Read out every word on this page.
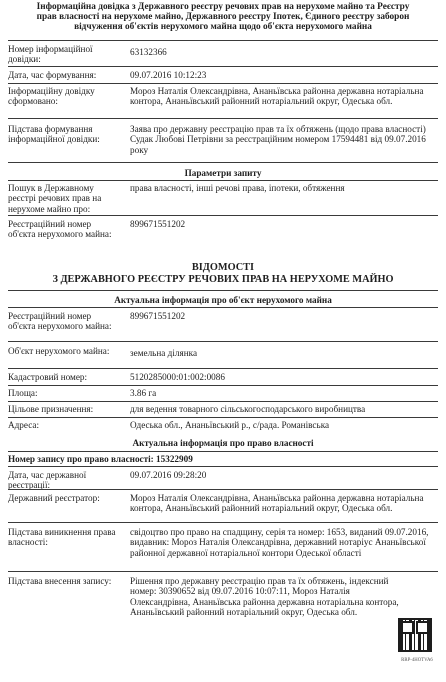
Інформаційна довідка з Державного реєстру речових прав на нерухоме майно та Реєстру
прав власності на нерухоме майно, Державного реєстру Іпотек, Єдиного реєстру заборон
відчуження об'єктів нерухомого майна щодо об'єкта нерухомого майна
Номер інформаційної довідки:
63132366
Дата, час формування:	09.07.2016 10:12:23
Інформаційну довідку сформовано:
Мороз Наталія Олександрівна, Ананьївська районна державна нотаріальна контора, Ананьївський районний нотаріальний округ, Одеська обл.
Підстава формування інформаційної довідки:
Заява про державну реєстрацію прав та їх обтяжень (щодо права власності) Судак Любові Петрівни за реєстраційним номером 17594481 від 09.07.2016 року
Параметри запиту
Пошук в Державному реєстрі речових прав на нерухоме майно про:
права власності, інші речові права, іпотеки, обтяження
Реєстраційний номер об'єкта нерухомого майна:
899671551202
ВІДОМОСТІ
З ДЕРЖАВНОГО РЕЄСТРУ РЕЧОВИХ ПРАВ НА НЕРУХОМЕ МАЙНО
Актуальна інформація про об'єкт нерухомого майна
Реєстраційний номер об'єкта нерухомого майна:
899671551202
Об'єкт нерухомого майна:	земельна ділянка
Кадастровий номер:	5120285000:01:002:0086
Площа:	3.86 га
Цільове призначення:	для ведення товарного сільськогосподарського виробництва
Адреса:	Одеська обл., Ананьївський р., с/рада. Романівська
Актуальна інформація про право власності
Номер запису про право власності: 15322909
Дата, час державної реєстрації:
09.07.2016 09:28:20
Державний реєстратор:	Мороз Наталія Олександрівна, Ананьївська районна державна нотаріальна контора, Ананьївський районний нотаріальний округ, Одеська обл.
Підстава виникнення права власності:
свідоцтво про право на спадщину, серія та номер: 1653, виданий 09.07.2016, видавник: Мороз Наталія Олександрівна, державний нотаріус Ананьївської районної державної нотаріальної контори Одеської області
Підстава внесення запису:	Рішення про державну реєстрацію прав та їх обтяжень, індексний номер: 30390652 від 09.07.2016 10:07:11, Мороз Наталія Олександрівна, Ананьївська районна державна нотаріальна контора, Ананьївський районний нотаріальний округ, Одеська обл.
RRP-4HOTVA6
